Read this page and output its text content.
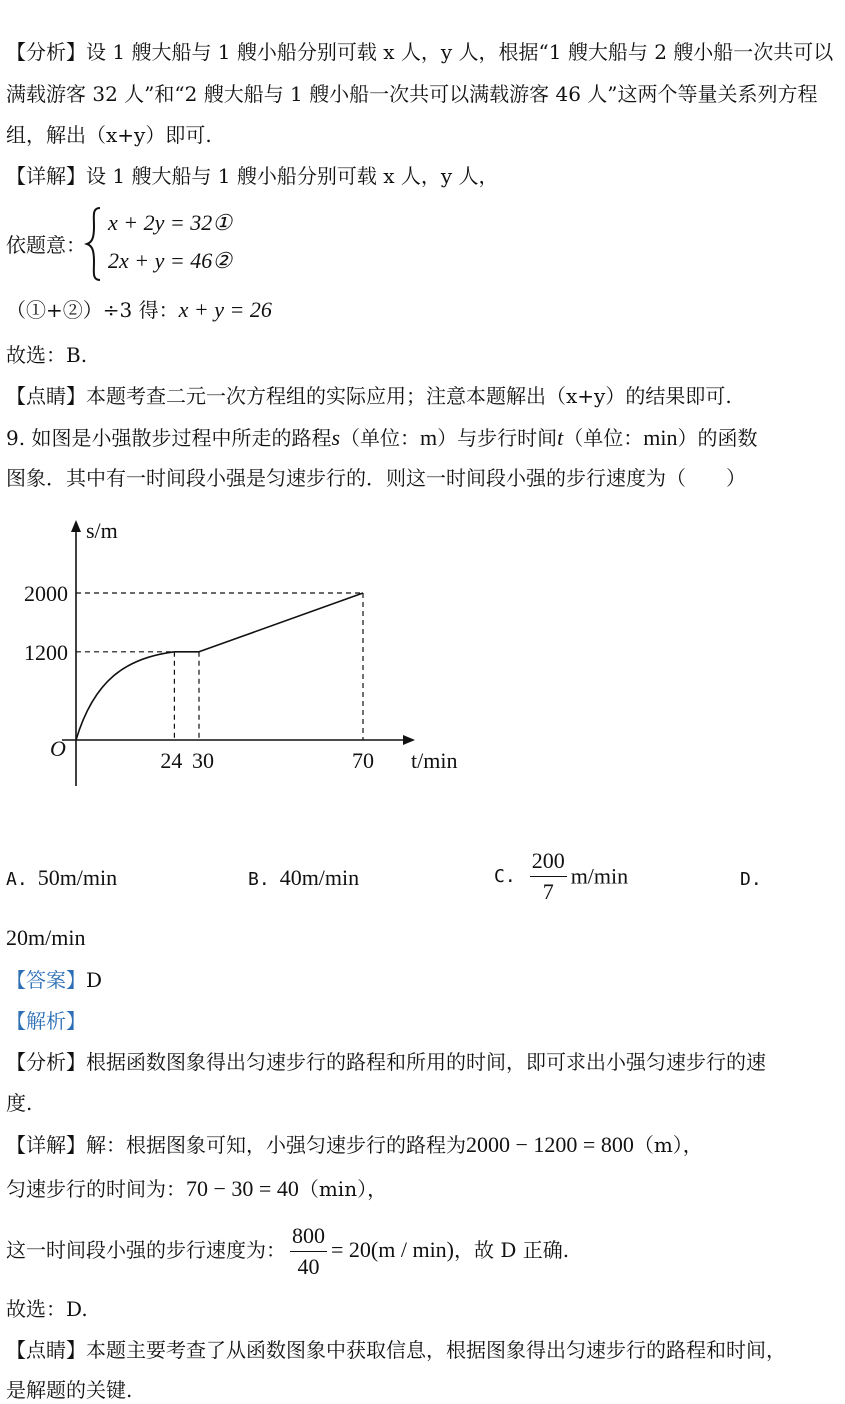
【分析】设 1 艘大船与 1 艘小船分别可载 x 人，y 人，根据“1 艘大船与 2 艘小船一次共可以
满载游客 32 人”和“2 艘大船与 1 艘小船一次共可以满载游客 46 人”这两个等量关系列方程
组，解出（x+y）即可.
【详解】设 1 艘大船与 1 艘小船分别可载 x 人，y 人，
依题意：
x + 2y = 32①
2x + y = 46②
（①+②）÷3 得：x + y = 26
故选：B.
【点睛】本题考查二元一次方程组的实际应用；注意本题解出（x+y）的结果即可.
9. 如图是小强散步过程中所走的路程s（单位：m）与步行时间t（单位：min）的函数
图象．其中有一时间段小强是匀速步行的．则这一时间段小强的步行速度为（　　）
24 30	70
1200
2000
O	t/min
s/m
A. 50m/min	B. 40m/min	C. $\frac{200}{7} m/\min$	D.
20m/min
【答案】D
【解析】
【分析】根据函数图象得出匀速步行的路程和所用的时间，即可求出小强匀速步行的速
度.
【详解】解：根据图象可知，小强匀速步行的路程为2000 − 1200 = 800（m），
匀速步行的时间为：70 − 30 = 40（min），
这一时间段小强的步行速度为： $\frac{800}{40} = 20(m / \min)$，故 D 正确.
故选：D.
【点睛】本题主要考查了从函数图象中获取信息，根据图象得出匀速步行的路程和时间，
是解题的关键.
